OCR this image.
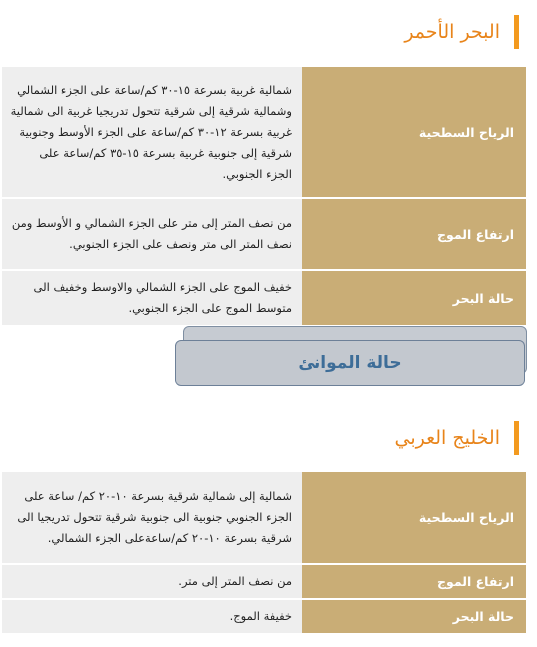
البحر الأحمر
الرياح السطحية	شمالية غربية بسرعة ١٥-٣٠ كم/ساعة على الجزء الشمالي وشمالية شرقية إلى شرقية تتحول تدريجيا غربية الى شمالية غربية بسرعة ١٢-٣٠ كم/ساعة على الجزء الأوسط وجنوبية شرقية إلى جنوبية غربية بسرعة ١٥-٣٥ كم/ساعة على الجزء الجنوبي.
ارتفاع الموج	من نصف المتر إلى متر على الجزء الشمالي و الأوسط ومن نصف المتر الى متر ونصف على الجزء الجنوبي.
حالة البحر	خفيف الموج على الجزء الشمالي والاوسط وخفيف الى متوسط الموج على الجزء الجنوبي.
حالة الموانئ
الخليج العربي
الرياح السطحية	شمالية إلى شمالية شرقية بسرعة ١٠-٢٠ كم/ ساعة على الجزء الجنوبي جنوبية الى جنوبية شرقية تتحول تدريجيا الى شرقية بسرعة ١٠-٢٠ كم/ساعةعلى الجزء الشمالي.
ارتفاع الموج	من نصف المتر إلى متر.
حالة البحر	خفيفة الموج.
